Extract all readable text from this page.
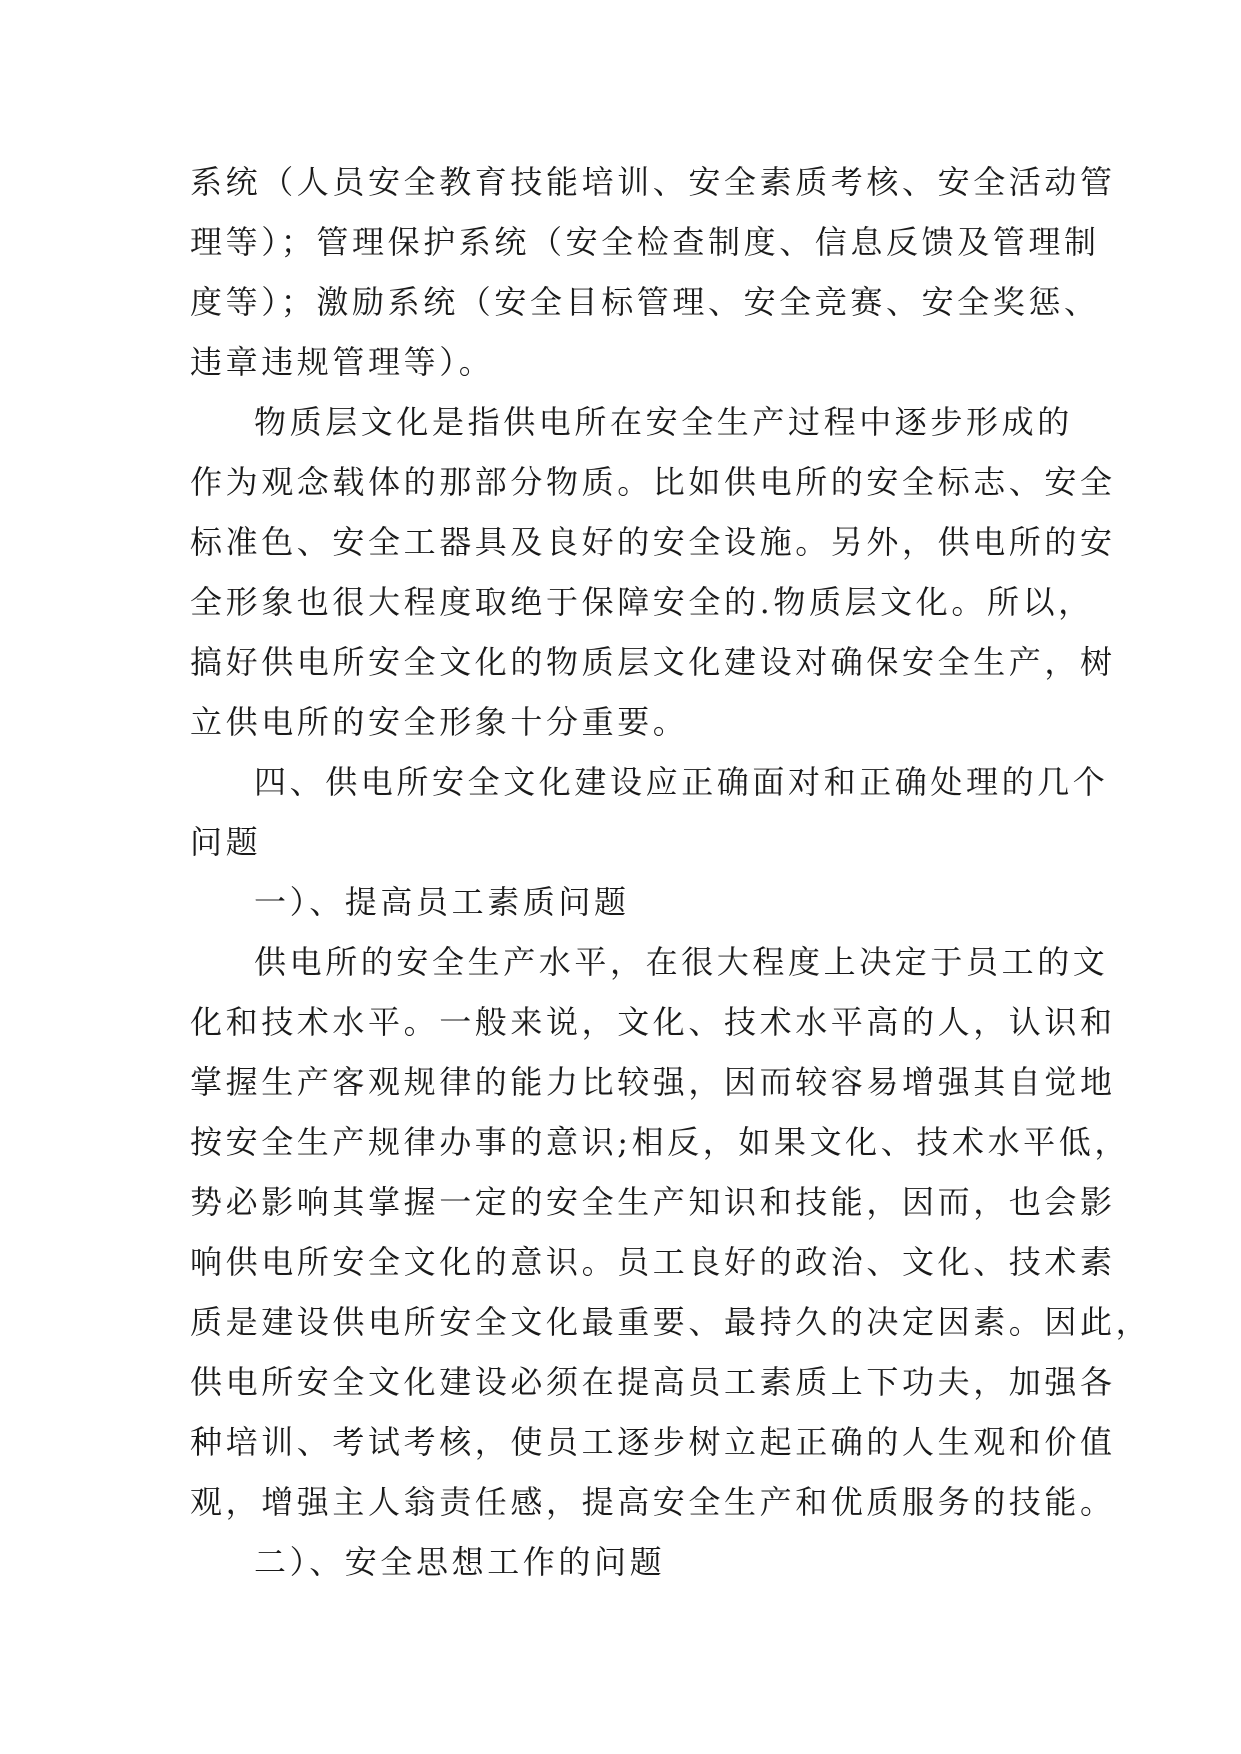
系统（人员安全教育技能培训、安全素质考核、安全活动管
理等）；管理保护系统（安全检查制度、信息反馈及管理制
度等）；激励系统（安全目标管理、安全竞赛、安全奖惩、
违章违规管理等）。
物质层文化是指供电所在安全生产过程中逐步形成的
作为观念载体的那部分物质。比如供电所的安全标志、安全
标准色、安全工器具及良好的安全设施。另外，供电所的安
全形象也很大程度取绝于保障安全的.物质层文化。所以，
搞好供电所安全文化的物质层文化建设对确保安全生产，树
立供电所的安全形象十分重要。
四、供电所安全文化建设应正确面对和正确处理的几个
问题
一）、提高员工素质问题
供电所的安全生产水平，在很大程度上决定于员工的文
化和技术水平。一般来说，文化、技术水平高的人，认识和
掌握生产客观规律的能力比较强，因而较容易增强其自觉地
按安全生产规律办事的意识;相反，如果文化、技术水平低，
势必影响其掌握一定的安全生产知识和技能，因而，也会影
响供电所安全文化的意识。员工良好的政治、文化、技术素
质是建设供电所安全文化最重要、最持久的决定因素。因此，
供电所安全文化建设必须在提高员工素质上下功夫，加强各
种培训、考试考核，使员工逐步树立起正确的人生观和价值
观，增强主人翁责任感，提高安全生产和优质服务的技能。
二）、安全思想工作的问题
